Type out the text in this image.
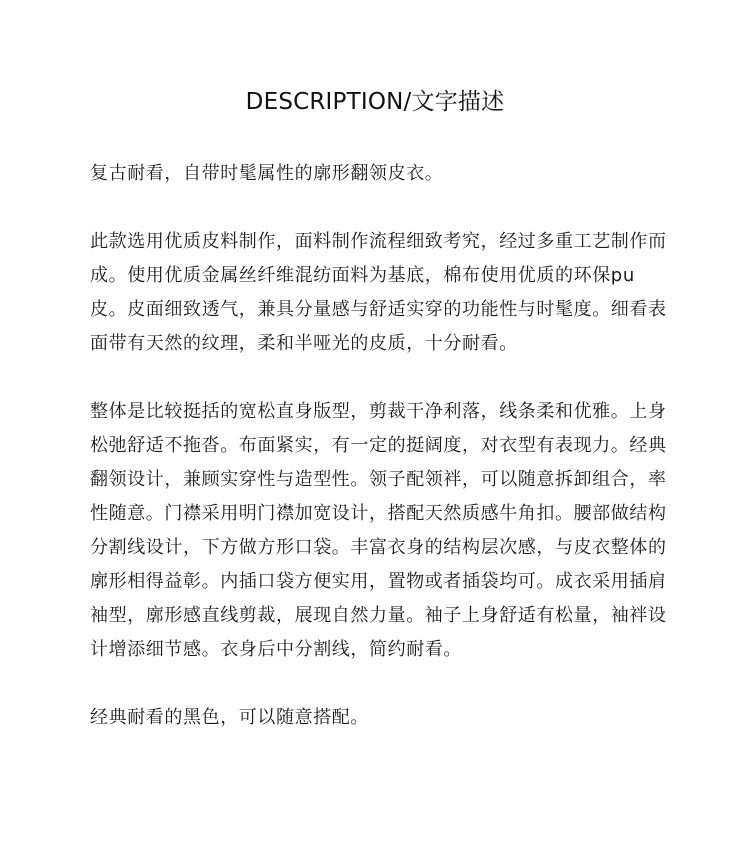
DESCRIPTION/文字描述

复古耐看，自带时髦属性的廓形翻领皮衣。

此款选用优质皮料制作，面料制作流程细致考究，经过多重工艺制作而成。使用优质金属丝纤维混纺面料为基底，棉布使用优质的环保pu皮。皮面细致透气，兼具分量感与舒适实穿的功能性与时髦度。细看表面带有天然的纹理，柔和半哑光的皮质，十分耐看。

整体是比较挺括的宽松直身版型，剪裁干净利落，线条柔和优雅。上身松弛舒适不拖沓。布面紧实，有一定的挺阔度，对衣型有表现力。经典翻领设计，兼顾实穿性与造型性。领子配领袢，可以随意拆卸组合，率性随意。门襟采用明门襟加宽设计，搭配天然质感牛角扣。腰部做结构分割线设计，下方做方形口袋。丰富衣身的结构层次感，与皮衣整体的廓形相得益彰。内插口袋方便实用，置物或者插袋均可。成衣采用插肩袖型，廓形感直线剪裁，展现自然力量。袖子上身舒适有松量，袖袢设计增添细节感。衣身后中分割线，简约耐看。

经典耐看的黑色，可以随意搭配。
